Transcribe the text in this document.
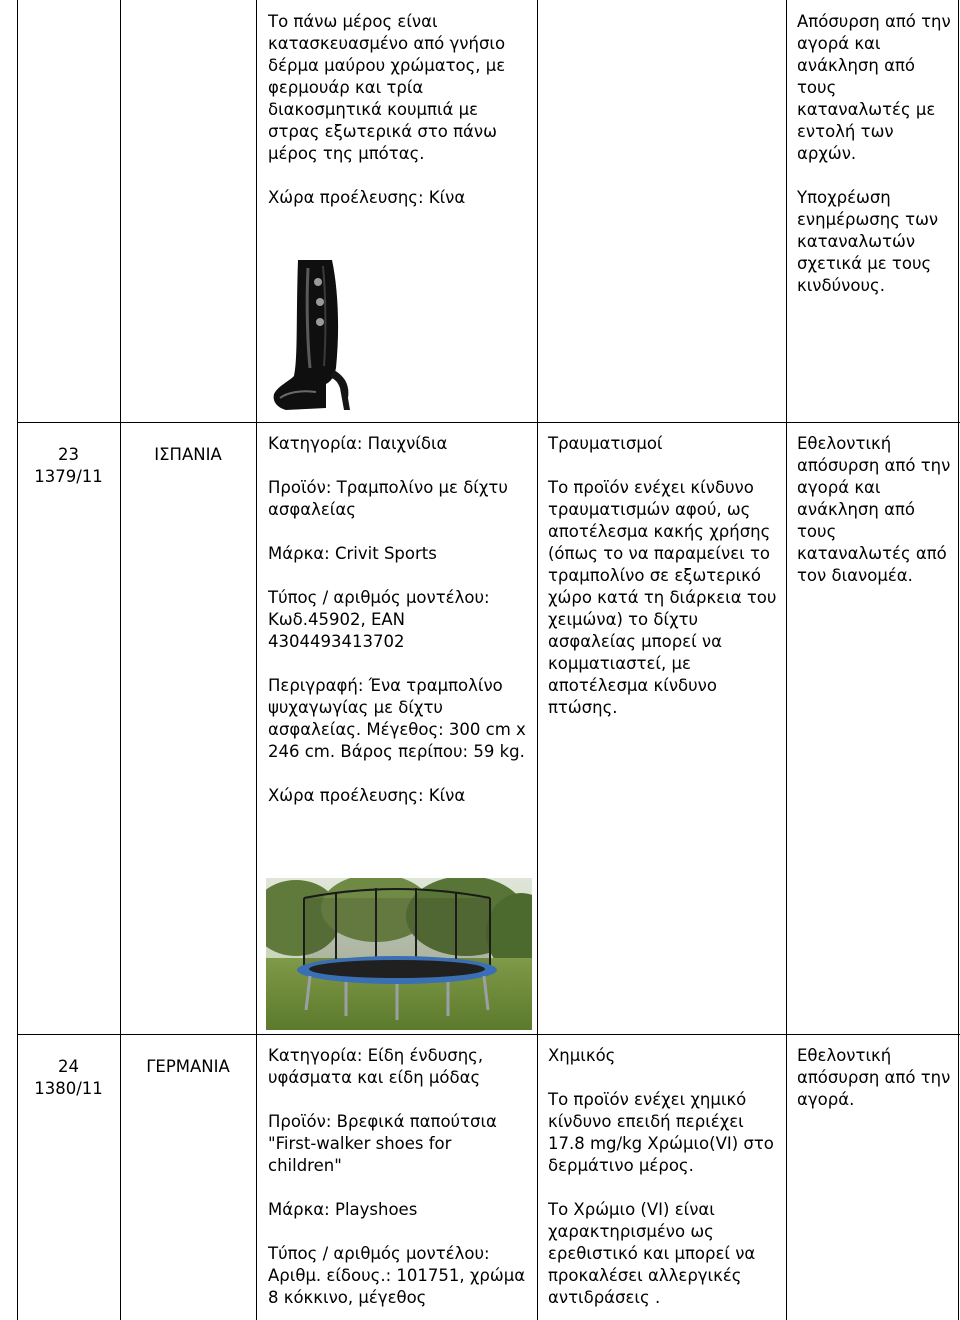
Το πάνω μέρος είναι κατασκευασμένο από γνήσιο δέρμα μαύρου χρώματος, με φερμουάρ και τρία διακοσμητικά κουμπιά με στρας εξωτερικά στο πάνω μέρος της μπότας.

Χώρα προέλευσης: Κίνα

Απόσυρση από την αγορά και ανάκληση από τους καταναλωτές με εντολή των αρχών.

Υποχρέωση ενημέρωσης των καταναλωτών σχετικά με τους κινδύνους.

23
1379/11
ΙΣΠΑΝΙΑ

Κατηγορία: Παιχνίδια

Προϊόν: Τραμπολίνο με δίχτυ ασφαλείας

Μάρκα: Crivit Sports

Τύπος / αριθμός μοντέλου: Κωδ.45902, EAN 4304493413702

Περιγραφή: Ένα τραμπολίνο ψυχαγωγίας με δίχτυ ασφαλείας. Μέγεθος: 300 cm x 246 cm. Βάρος περίπου: 59 kg.

Χώρα προέλευσης: Κίνα

Τραυματισμοί

Το προϊόν ενέχει κίνδυνο τραυματισμών αφού, ως αποτέλεσμα κακής χρήσης (όπως το να παραμείνει το τραμπολίνο σε εξωτερικό χώρο κατά τη διάρκεια του χειμώνα) το δίχτυ ασφαλείας μπορεί να κομματιαστεί, με αποτέλεσμα κίνδυνο πτώσης.

Εθελοντική απόσυρση από την αγορά και ανάκληση από τους καταναλωτές από τον διανομέα.

24
1380/11
ΓΕΡΜΑΝΙΑ

Κατηγορία: Είδη ένδυσης, υφάσματα και είδη μόδας

Προϊόν: Βρεφικά παπούτσια "First-walker shoes for children"

Μάρκα: Playshoes

Τύπος / αριθμός μοντέλου: Αριθμ. είδους.: 101751, χρώμα 8 κόκκινο, μέγεθος

Χημικός

Το προϊόν ενέχει χημικό κίνδυνο επειδή περιέχει 17.8 mg/kg Χρώμιο(VI) στο δερμάτινο μέρος.

Το Χρώμιο (VI) είναι χαρακτηρισμένο ως ερεθιστικό και μπορεί να προκαλέσει αλλεργικές αντιδράσεις .

Εθελοντική απόσυρση από την αγορά.
